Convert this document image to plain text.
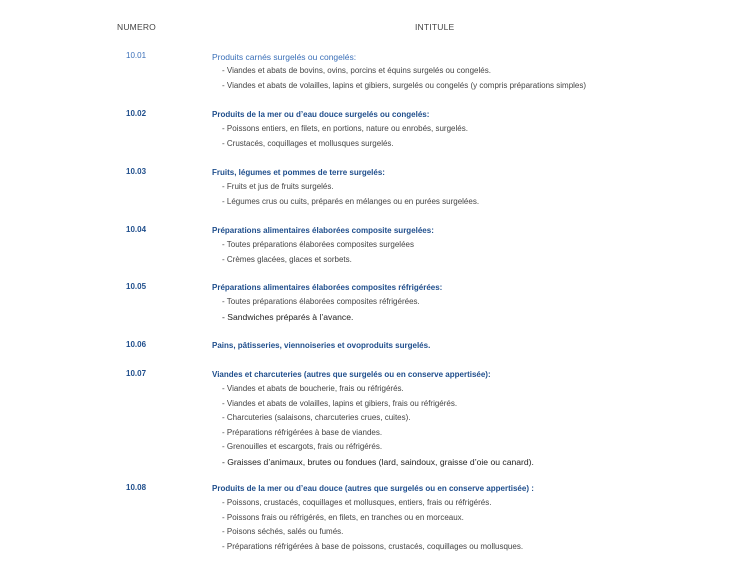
NUMERO	INTITULE
10.01	Produits carnés surgelés ou congelés:
- Viandes et abats de bovins, ovins, porcins et équins surgelés ou congelés.
- Viandes et abats de volailles, lapins et gibiers, surgelés ou congelés (y compris préparations simples)
10.02	Produits de la mer ou d’eau douce surgelés ou congelés:
- Poissons entiers, en filets, en portions, nature ou enrobés, surgelés.
- Crustacés, coquillages et mollusques surgelés.
10.03	Fruits, légumes et pommes de terre surgelés:
- Fruits et jus de fruits surgelés.
- Légumes crus ou cuits, préparés en mélanges ou en purées surgelées.
10.04	Préparations alimentaires élaborées composite surgelées:
- Toutes préparations élaborées composites surgelées
- Crèmes glacées, glaces et sorbets.
10.05	Préparations alimentaires élaborées composites réfrigérées:
- Toutes préparations élaborées composites réfrigérées.
- Sandwiches préparés à l’avance.
10.06	Pains, pâtisseries, viennoiseries et ovoproduits surgelés.
10.07	Viandes et charcuteries (autres que surgelés ou en conserve appertisée):
- Viandes et abats de boucherie, frais ou réfrigérés.
- Viandes et abats de volailles, lapins et gibiers, frais ou réfrigérés.
- Charcuteries (salaisons, charcuteries crues, cuites).
- Préparations réfrigérées à base de viandes.
- Grenouilles et escargots, frais ou réfrigérés.
- Graisses d’animaux, brutes ou fondues (lard, saindoux, graisse d’oie ou canard).
10.08	Produits de la mer ou d’eau douce (autres que surgelés ou en conserve appertisée) :
- Poissons, crustacés, coquillages et mollusques, entiers, frais ou réfrigérés.
- Poissons frais ou réfrigérés, en filets, en tranches ou en morceaux.
- Poisons séchés, salés ou fumés.
- Préparations réfrigérées à base de poissons, crustacés, coquillages ou mollusques.
